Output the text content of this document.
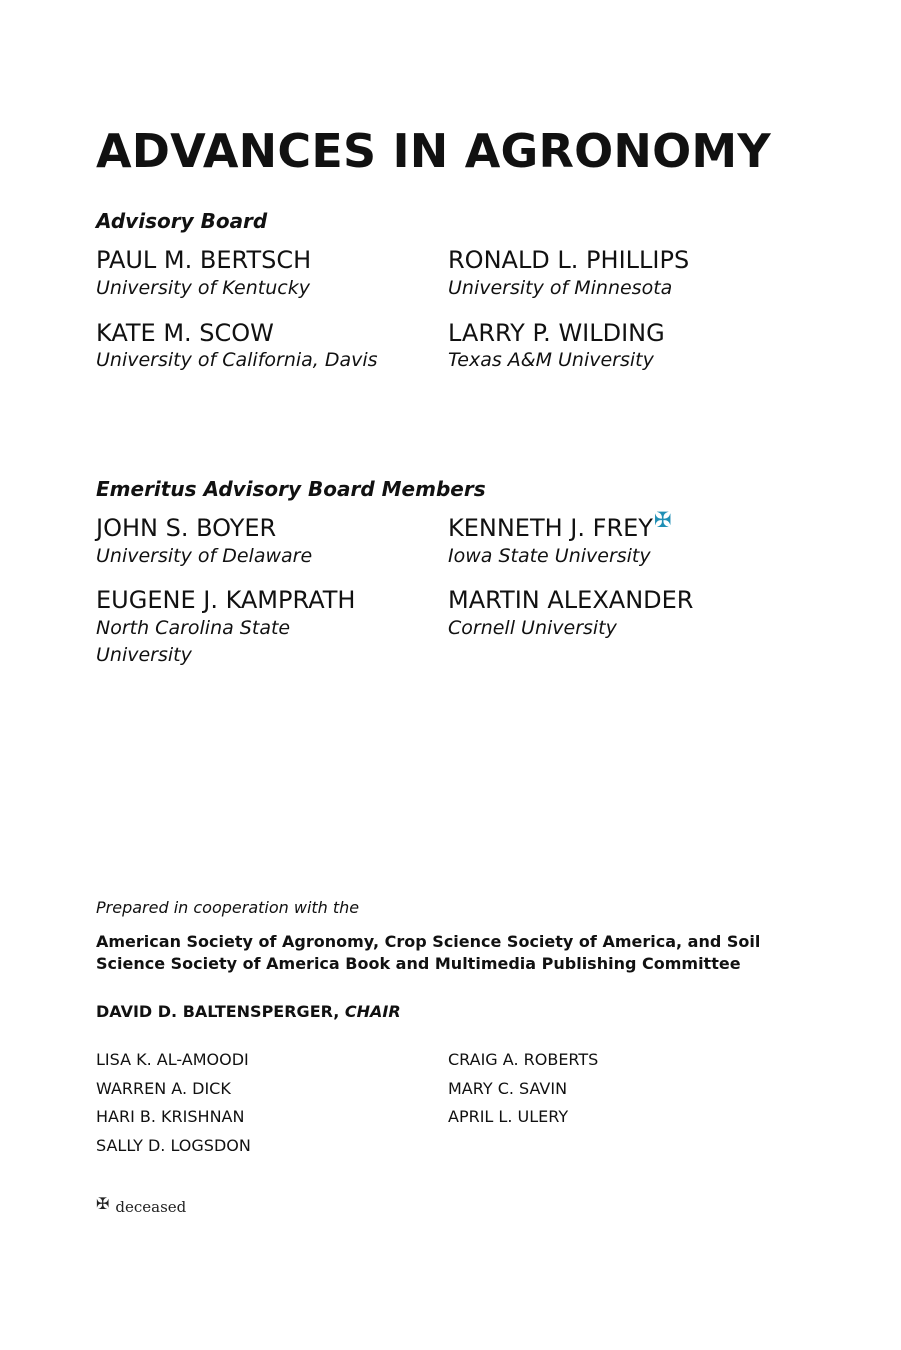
ADVANCES IN AGRONOMY
Advisory Board
PAUL M. BERTSCH
University of Kentucky
RONALD L. PHILLIPS
University of Minnesota
KATE M. SCOW
University of California, Davis
LARRY P. WILDING
Texas A&M University
Emeritus Advisory Board Members
JOHN S. BOYER
University of Delaware
KENNETH J. FREY✠
Iowa State University
EUGENE J. KAMPRATH
North Carolina State
University
MARTIN ALEXANDER
Cornell University
Prepared in cooperation with the
American Society of Agronomy, Crop Science Society of America, and Soil
Science Society of America Book and Multimedia Publishing Committee
DAVID D. BALTENSPERGER, CHAIR
LISA K. AL-AMOODI
WARREN A. DICK
HARI B. KRISHNAN
SALLY D. LOGSDON
CRAIG A. ROBERTS
MARY C. SAVIN
APRIL L. ULERY
✠ deceased
